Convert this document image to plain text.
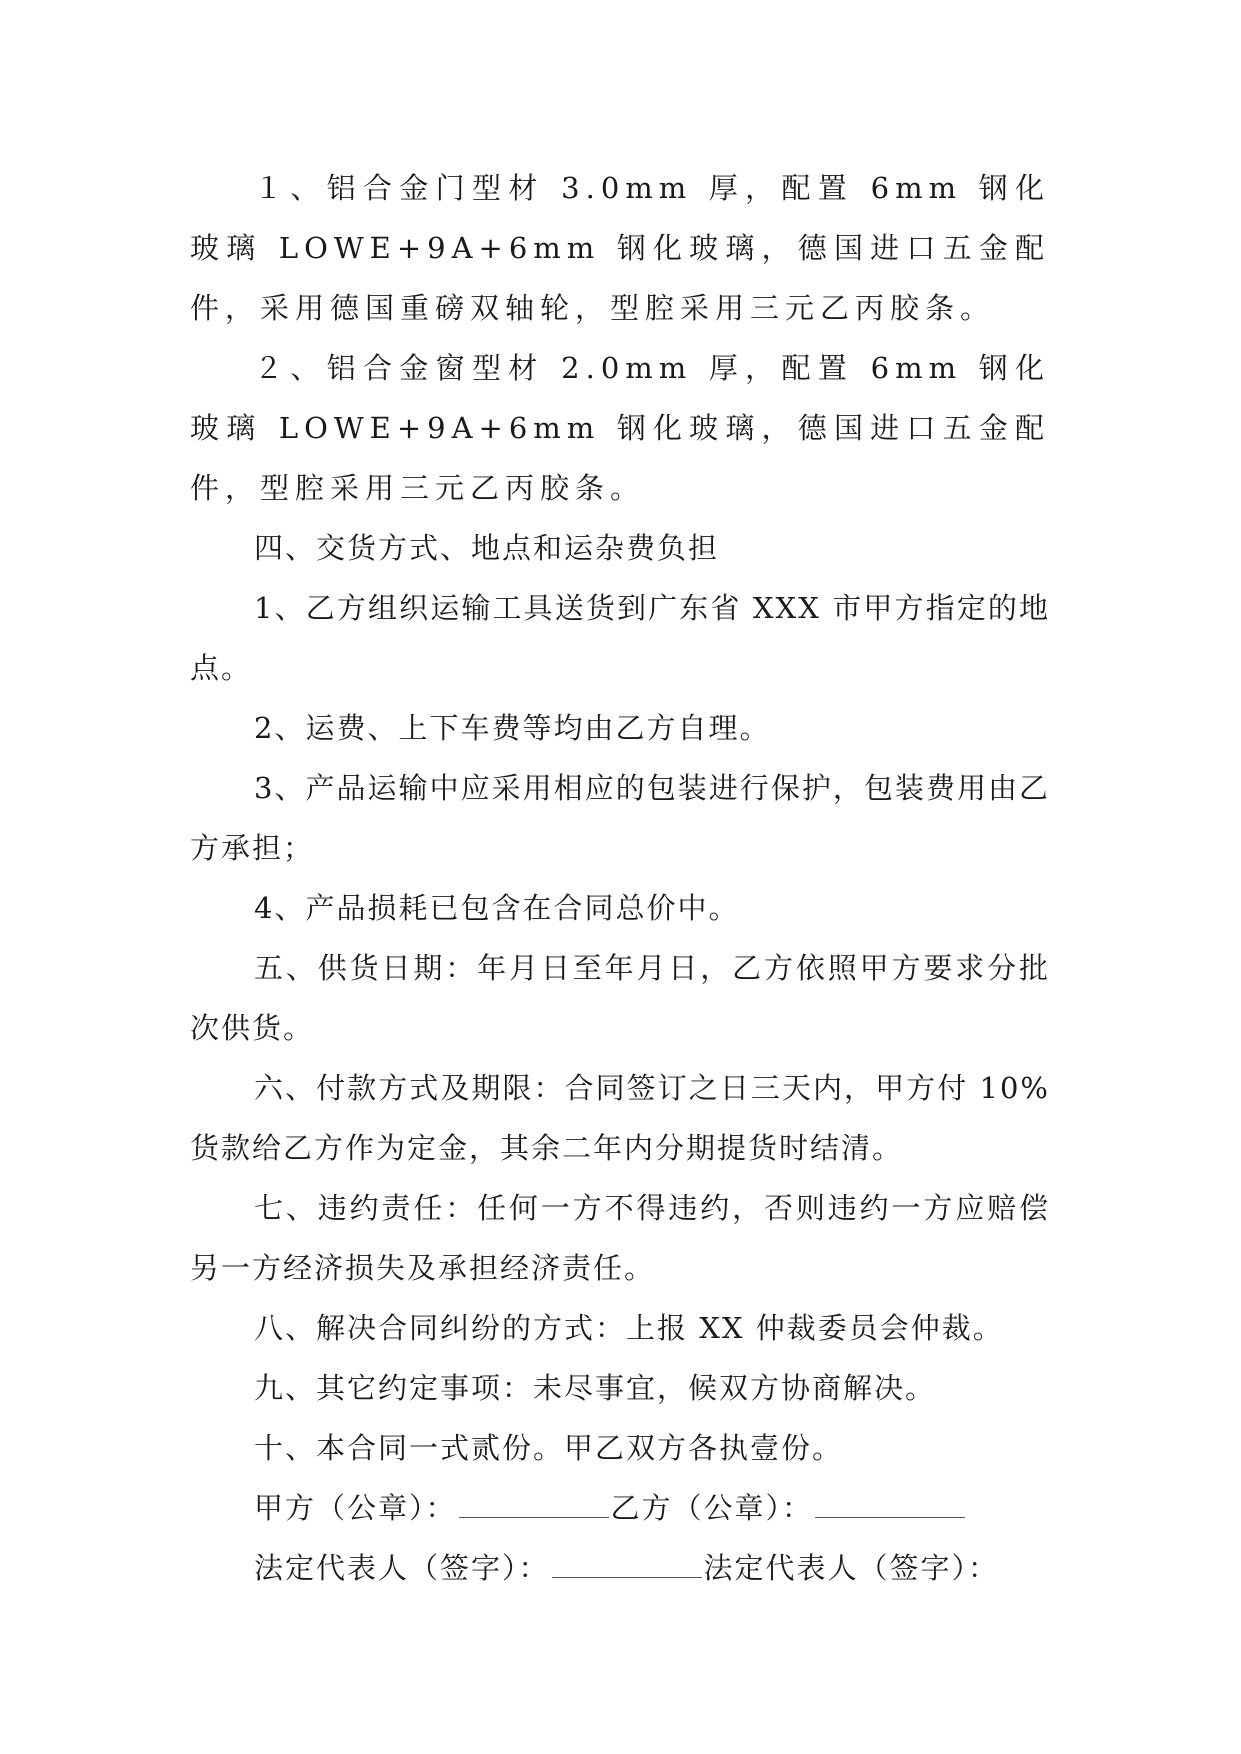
１、铝合金门型材 3.0mm 厚，配置 6mm 钢化玻璃 LOWE+9A+6mm 钢化玻璃，德国进口五金配件，采用德国重磅双轴轮，型腔采用三元乙丙胶条。

２、铝合金窗型材 2.0mm 厚，配置 6mm 钢化玻璃 LOWE+9A+6mm 钢化玻璃，德国进口五金配件，型腔采用三元乙丙胶条。

四、交货方式、地点和运杂费负担

1、乙方组织运输工具送货到广东省 XXX 市甲方指定的地点。

2、运费、上下车费等均由乙方自理。

3、产品运输中应采用相应的包装进行保护，包装费用由乙方承担；

4、产品损耗已包含在合同总价中。

五、供货日期：年月日至年月日，乙方依照甲方要求分批次供货。

六、付款方式及期限：合同签订之日三天内，甲方付 10% 货款给乙方作为定金，其余二年内分期提货时结清。

七、违约责任：任何一方不得违约，否则违约一方应赔偿另一方经济损失及承担经济责任。

八、解决合同纠纷的方式：上报 XX 仲裁委员会仲裁。

九、其它约定事项：未尽事宜，候双方协商解决。

十、本合同一式贰份。甲乙双方各执壹份。

甲方（公章）：	乙方（公章）：

法定代表人（签字）：	法定代表人（签字）：
